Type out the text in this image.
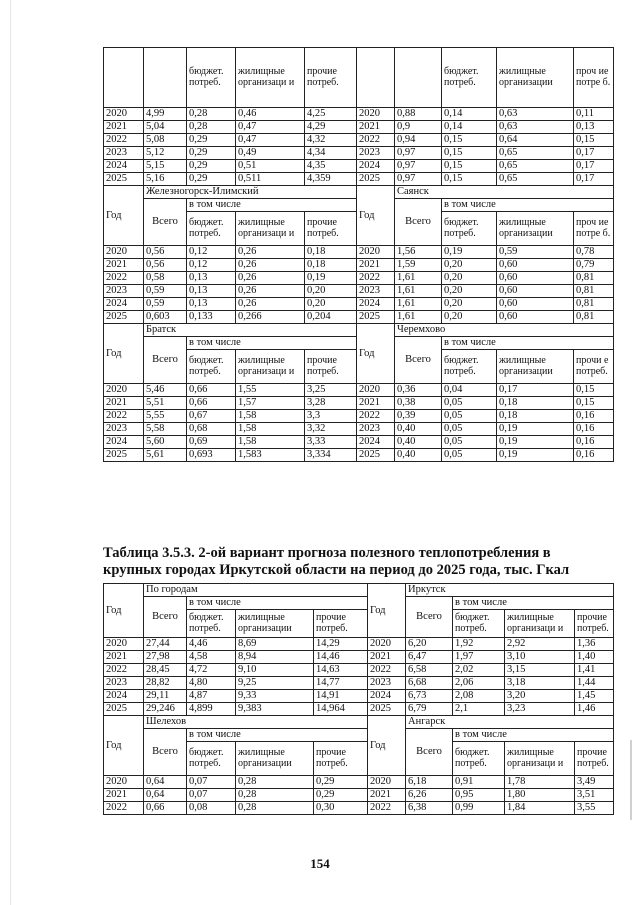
		бюджет. потреб.	жилищные организаци и	прочие потреб.			бюджет. потреб.	жилищные организации	проч ие потре б.
2020	4,99	0,28	0,46	4,25	2020	0,88	0,14	0,63	0,11
2021	5,04	0,28	0,47	4,29	2021	0,9	0,14	0,63	0,13
2022	5,08	0,29	0,47	4,32	2022	0,94	0,15	0,64	0,15
2023	5,12	0,29	0,49	4,34	2023	0,97	0,15	0,65	0,17
2024	5,15	0,29	0,51	4,35	2024	0,97	0,15	0,65	0,17
2025	5,16	0,29	0,511	4,359	2025	0,97	0,15	0,65	0,17
Год	Железногорск-Илимский				Год	Саянск			
	Всего	в том числе				Всего	в том числе		
		бюджет. потреб.	жилищные организаци и	прочие потреб.			бюджет. потреб.	жилищные организации	проч ие потре б.
2020	0,56	0,12	0,26	0,18	2020	1,56	0,19	0,59	0,78
2021	0,56	0,12	0,26	0,18	2021	1,59	0,20	0,60	0,79
2022	0,58	0,13	0,26	0,19	2022	1,61	0,20	0,60	0,81
2023	0,59	0,13	0,26	0,20	2023	1,61	0,20	0,60	0,81
2024	0,59	0,13	0,26	0,20	2024	1,61	0,20	0,60	0,81
2025	0,603	0,133	0,266	0,204	2025	1,61	0,20	0,60	0,81
Год	Братск				Год	Черемхово			
	Всего	в том числе				Всего	в том числе		
		бюджет. потреб.	жилищные организаци и	прочие потреб.			бюджет. потреб.	жилищные организации	прочи е потреб.
2020	5,46	0,66	1,55	3,25	2020	0,36	0,04	0,17	0,15
2021	5,51	0,66	1,57	3,28	2021	0,38	0,05	0,18	0,15
2022	5,55	0,67	1,58	3,3	2022	0,39	0,05	0,18	0,16
2023	5,58	0,68	1,58	3,32	2023	0,40	0,05	0,19	0,16
2024	5,60	0,69	1,58	3,33	2024	0,40	0,05	0,19	0,16
2025	5,61	0,693	1,583	3,334	2025	0,40	0,05	0,19	0,16
Таблица 3.5.3. 2-ой вариант прогноза полезного теплопотребления в
крупных городах Иркутской области на период до 2025 года, тыс. Гкал
Год	По городам				Год	Иркутск			
	Всего	в том числе				Всего	в том числе		
		бюджет. потреб.	жилищные организации	прочие потреб.			бюджет. потреб.	жилищные организаци и	прочие потреб.
2020	27,44	4,46	8,69	14,29	2020	6,20	1,92	2,92	1,36
2021	27,98	4,58	8,94	14,46	2021	6,47	1,97	3,10	1,40
2022	28,45	4,72	9,10	14,63	2022	6,58	2,02	3,15	1,41
2023	28,82	4,80	9,25	14,77	2023	6,68	2,06	3,18	1,44
2024	29,11	4,87	9,33	14,91	2024	6,73	2,08	3,20	1,45
2025	29,246	4,899	9,383	14,964	2025	6,79	2,1	3,23	1,46
Год	Шелехов				Год	Ангарск			
	Всего	в том числе				Всего	в том числе		
		бюджет. потреб.	жилищные организации	прочие потреб.			бюджет. потреб.	жилищные организаци и	прочие потреб.
2020	0,64	0,07	0,28	0,29	2020	6,18	0,91	1,78	3,49
2021	0,64	0,07	0,28	0,29	2021	6,26	0,95	1,80	3,51
2022	0,66	0,08	0,28	0,30	2022	6,38	0,99	1,84	3,55
154
